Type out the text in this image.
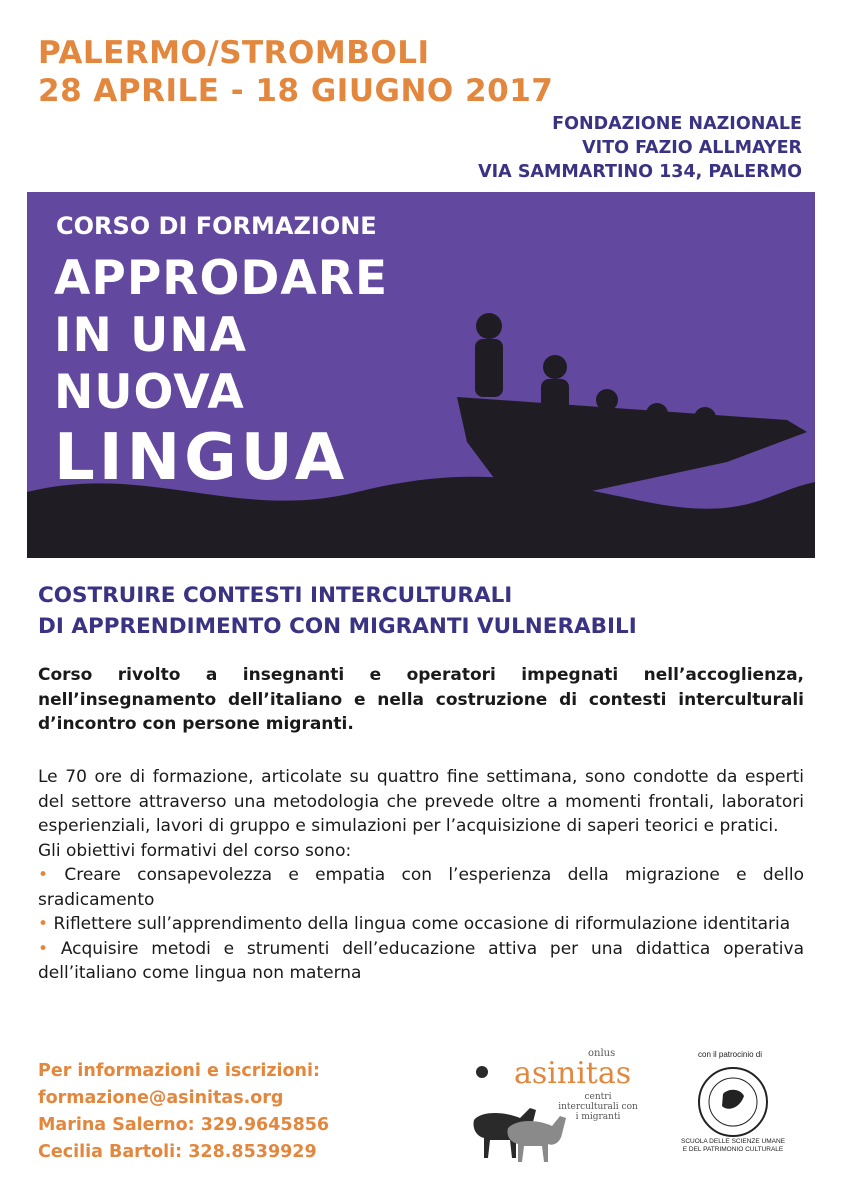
PALERMO/STROMBOLI
28 APRILE - 18 GIUGNO 2017
FONDAZIONE NAZIONALE
VITO FAZIO ALLMAYER
VIA SAMMARTINO 134, PALERMO
CORSO DI FORMAZIONE
APPRODARE
IN UNA
NUOVA
LINGUA
COSTRUIRE CONTESTI INTERCULTURALI
DI APPRENDIMENTO CON MIGRANTI VULNERABILI
Corso rivolto a insegnanti e operatori impegnati nell’accoglienza, nell’insegnamento dell’italiano e nella costruzione di contesti interculturali d’incontro con persone migranti.

Le 70 ore di formazione, articolate su quattro fine settimana, sono condotte da esperti del settore attraverso una metodologia che prevede oltre a momenti frontali, laboratori esperienziali, lavori di gruppo e simulazioni per l’acquisizione di saperi teorici e pratici.

Gli obiettivi formativi del corso sono:

• Creare consapevolezza e empatia con l’esperienza della migrazione e dello sradicamento

• Riflettere sull’apprendimento della lingua come occasione di riformulazione identitaria

• Acquisire metodi e strumenti dell’educazione attiva per una didattica operativa dell’italiano come lingua non materna

Per informazioni e iscrizioni:
formazione@asinitas.org
Marina Salerno: 329.9645856
Cecilia Bartoli: 328.8539929
onlus
asinitas
centri interculturali con i migranti
con il patrocinio di
SCUOLA DELLE SCIENZE UMANE E DEL PATRIMONIO CULTURALE
